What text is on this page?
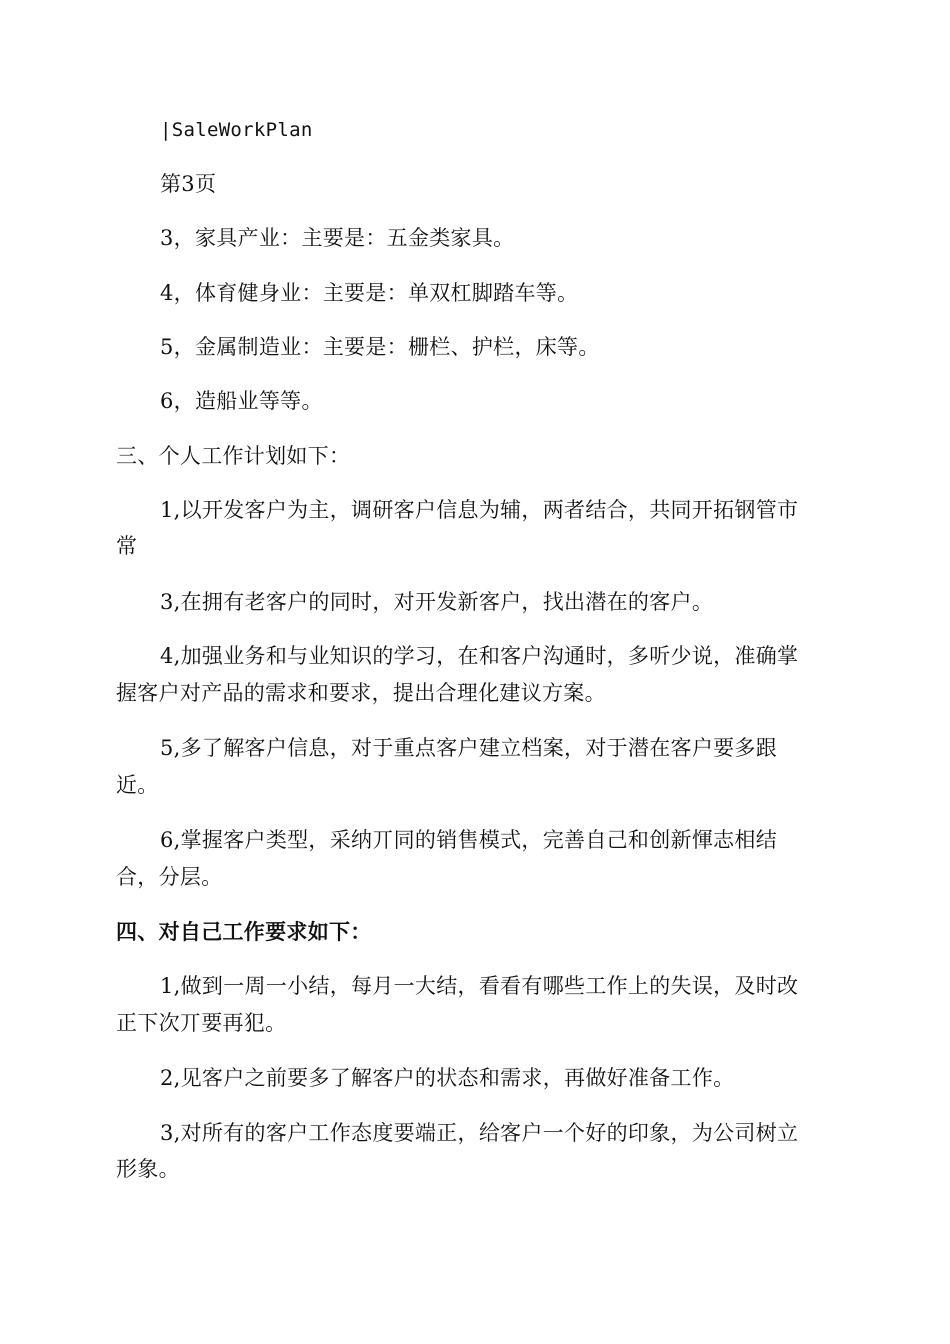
|SaleWorkPlan
第3页
3，家具产业：主要是：五金类家具。
4，体育健身业：主要是：单双杠脚踏车等。
5，金属制造业：主要是：栅栏、护栏，床等。
6，造船业等等。
三、个人工作计划如下：
1,以开发客户为主，调研客户信息为辅，两者结合，共同开拓钢管市
常
3,在拥有老客户的同时，对开发新客户，找出潜在的客户。
4,加强业务和与业知识的学习，在和客户沟通时，多听少说，准确掌
握客户对产品的需求和要求，提出合理化建议方案。
5,多了解客户信息，对于重点客户建立档案，对于潜在客户要多跟
近。
6,掌握客户类型，采纳丌同的销售模式，完善自己和创新惲志相结
合，分层。
四、对自己工作要求如下：
1,做到一周一小结，每月一大结，看看有哪些工作上的失误，及时改
正下次丌要再犯。
2,见客户之前要多了解客户的状态和需求，再做好准备工作。
3,对所有的客户工作态度要端正，给客户一个好的印象，为公司树立
形象。
